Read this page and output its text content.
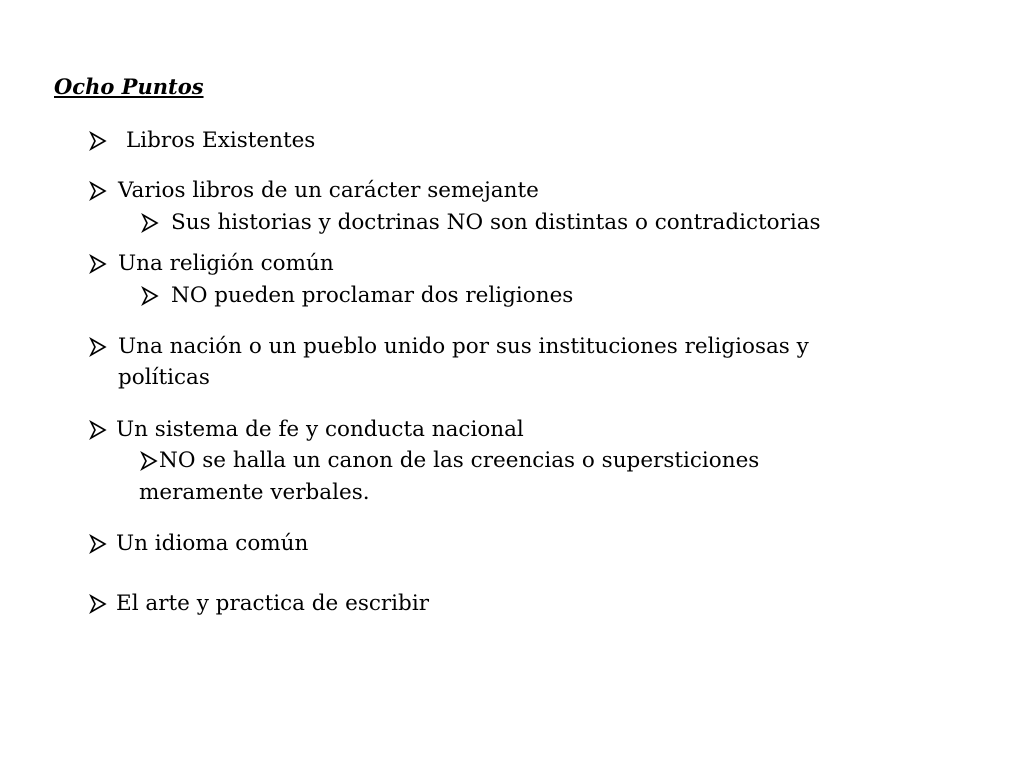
Ocho Puntos
Libros Existentes
Varios libros de un carácter semejante
Sus historias y doctrinas NO son distintas o contradictorias
Una religión común
NO pueden proclamar dos religiones
Una nación o un pueblo unido por sus instituciones religiosas y
políticas
Un sistema de fe y conducta nacional
NO se halla un canon de las creencias o supersticiones
meramente verbales.
Un idioma común
El arte y practica de escribir
